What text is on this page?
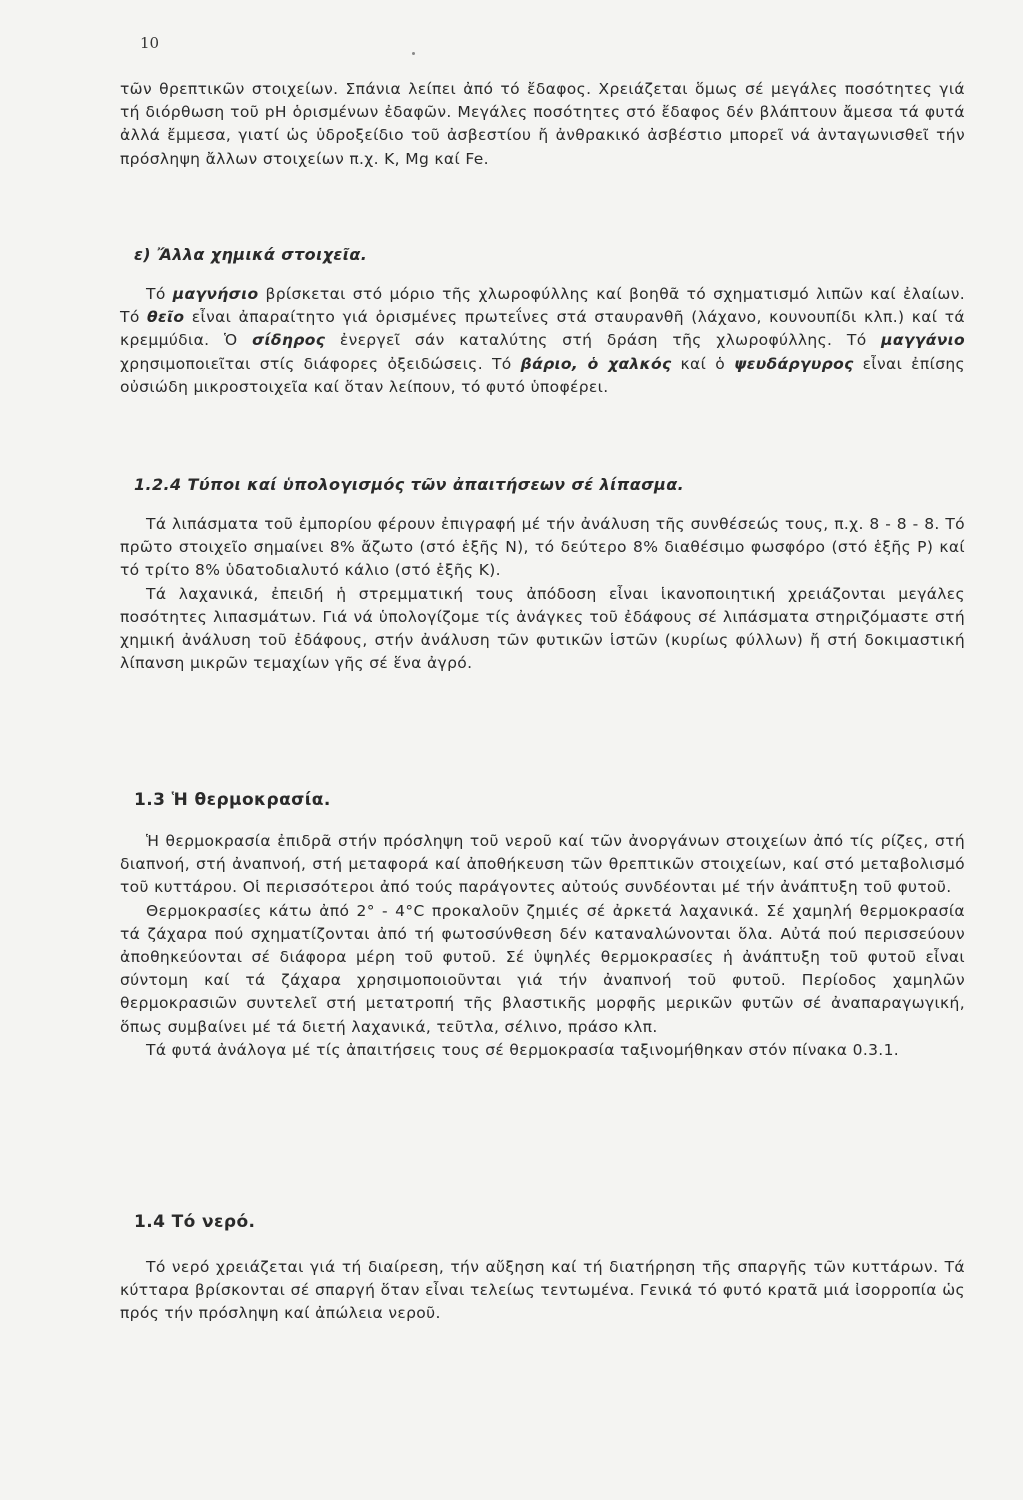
10

τῶν θρεπτικῶν στοιχείων. Σπάνια λείπει ἀπό τό ἔδαφος. Χρειάζεται ὅμως σέ μεγάλες ποσότητες γιά τή διόρθωση τοῦ pH ὁρισμένων ἐδαφῶν. Μεγάλες ποσότητες στό ἔδαφος δέν βλάπτουν ἄμεσα τά φυτά ἀλλά ἔμμεσα, γιατί ὡς ὑδροξείδιο τοῦ ἀσβεστίου ἤ ἀνθρακικό ἀσβέστιο μπορεῖ νά ἀνταγωνισθεῖ τήν πρόσληψη ἄλλων στοιχείων π.χ. K, Mg καί Fe.

ε) Ἄλλα χημικά στοιχεῖα.

Τό μαγνήσιο βρίσκεται στό μόριο τῆς χλωροφύλλης καί βοηθᾶ τό σχηματισμό λιπῶν καί ἐλαίων. Τό θεῖο εἶναι ἀπαραίτητο γιά ὁρισμένες πρωτεΐνες στά σταυρανθῆ (λάχανο, κουνουπίδι κλπ.) καί τά κρεμμύδια. Ὁ σίδηρος ἐνεργεῖ σάν καταλύτης στή δράση τῆς χλωροφύλλης. Τό μαγγάνιο χρησιμοποιεῖται στίς διάφορες ὀξειδώσεις. Τό βάριο, ὁ χαλκός καί ὁ ψευδάργυρος εἶναι ἐπίσης οὐσιώδη μικροστοιχεῖα καί ὅταν λείπουν, τό φυτό ὑποφέρει.

1.2.4 Τύποι καί ὑπολογισμός τῶν ἀπαιτήσεων σέ λίπασμα.

Τά λιπάσματα τοῦ ἐμπορίου φέρουν ἐπιγραφή μέ τήν ἀνάλυση τῆς συνθέσεώς τους, π.χ. 8 - 8 - 8. Τό πρῶτο στοιχεῖο σημαίνει 8% ἄζωτο (στό ἑξῆς N), τό δεύτερο 8% διαθέσιμο φωσφόρο (στό ἑξῆς P) καί τό τρίτο 8% ὑδατοδιαλυτό κάλιο (στό ἑξῆς K).

Τά λαχανικά, ἐπειδή ἡ στρεμματική τους ἀπόδοση εἶναι ἱκανοποιητική χρειάζονται μεγάλες ποσότητες λιπασμάτων. Γιά νά ὑπολογίζομε τίς ἀνάγκες τοῦ ἐδάφους σέ λιπάσματα στηριζόμαστε στή χημική ἀνάλυση τοῦ ἐδάφους, στήν ἀνάλυση τῶν φυτικῶν ἱστῶν (κυρίως φύλλων) ἤ στή δοκιμαστική λίπανση μικρῶν τεμαχίων γῆς σέ ἕνα ἀγρό.

1.3 Ἡ θερμοκρασία.

Ἡ θερμοκρασία ἐπιδρᾶ στήν πρόσληψη τοῦ νεροῦ καί τῶν ἀνοργάνων στοιχείων ἀπό τίς ρίζες, στή διαπνοή, στή ἀναπνοή, στή μεταφορά καί ἀποθήκευση τῶν θρεπτικῶν στοιχείων, καί στό μεταβολισμό τοῦ κυττάρου. Οἱ περισσότεροι ἀπό τούς παράγοντες αὐτούς συνδέονται μέ τήν ἀνάπτυξη τοῦ φυτοῦ.

Θερμοκρασίες κάτω ἀπό 2° - 4°C προκαλοῦν ζημιές σέ ἀρκετά λαχανικά. Σέ χαμηλή θερμοκρασία τά ζάχαρα πού σχηματίζονται ἀπό τή φωτοσύνθεση δέν καταναλώνονται ὅλα. Αὐτά πού περισσεύουν ἀποθηκεύονται σέ διάφορα μέρη τοῦ φυτοῦ. Σέ ὑψηλές θερμοκρασίες ἡ ἀνάπτυξη τοῦ φυτοῦ εἶναι σύντομη καί τά ζάχαρα χρησιμοποιοῦνται γιά τήν ἀναπνοή τοῦ φυτοῦ. Περίοδος χαμηλῶν θερμοκρασιῶν συντελεῖ στή μετατροπή τῆς βλαστικῆς μορφῆς μερικῶν φυτῶν σέ ἀναπαραγωγική, ὅπως συμβαίνει μέ τά διετή λαχανικά, τεῦτλα, σέλινο, πράσο κλπ.

Τά φυτά ἀνάλογα μέ τίς ἀπαιτήσεις τους σέ θερμοκρασία ταξινομήθηκαν στόν πίνακα 0.3.1.

1.4 Τό νερό.

Τό νερό χρειάζεται γιά τή διαίρεση, τήν αὔξηση καί τή διατήρηση τῆς σπαργῆς τῶν κυττάρων. Τά κύτταρα βρίσκονται σέ σπαργή ὅταν εἶναι τελείως τεντωμένα. Γενικά τό φυτό κρατᾶ μιά ἰσορροπία ὡς πρός τήν πρόσληψη καί ἀπώλεια νεροῦ.
